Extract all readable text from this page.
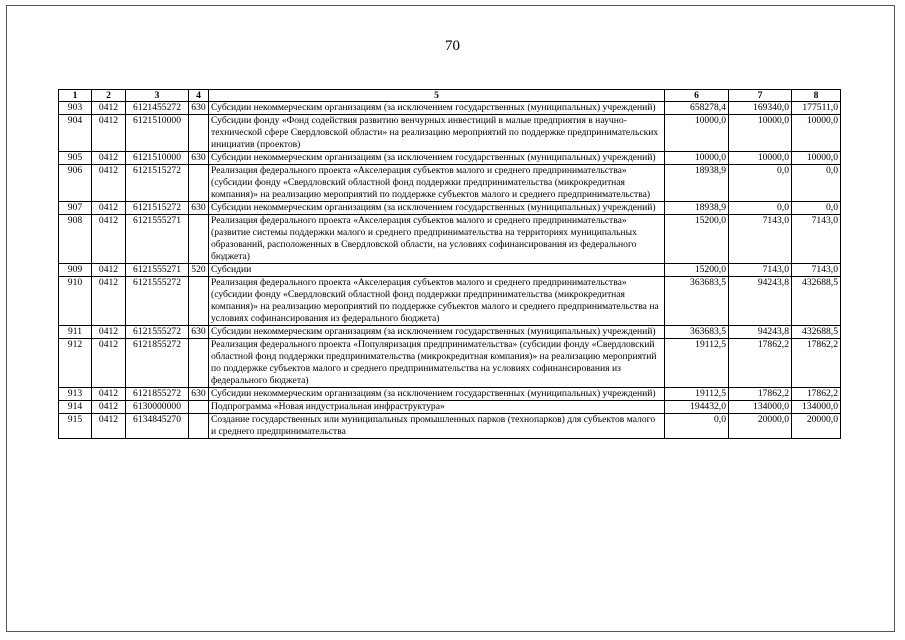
70
1	2	3	4	5	6	7	8
903	0412	6121455272	630	Субсидии некоммерческим организациям (за исключением государственных (муниципальных) учреждений)	658278,4	169340,0	177511,0
904	0412	6121510000		Субсидии фонду «Фонд содействия развитию венчурных инвестиций в малые предприятия в научно-технической сфере Свердловской области» на реализацию мероприятий по поддержке предпринимательских инициатив (проектов)	10000,0	10000,0	10000,0
905	0412	6121510000	630	Субсидии некоммерческим организациям (за исключением государственных (муниципальных) учреждений)	10000,0	10000,0	10000,0
906	0412	6121515272		Реализация федерального проекта «Акселерация субъектов малого и среднего предпринимательства» (субсидии фонду «Свердловский областной фонд поддержки предпринимательства (микрокредитная компания)» на реализацию мероприятий по поддержке субъектов малого и среднего предпринимательства)	18938,9	0,0	0,0
907	0412	6121515272	630	Субсидии некоммерческим организациям (за исключением государственных (муниципальных) учреждений)	18938,9	0,0	0,0
908	0412	6121555271		Реализация федерального проекта «Акселерация субъектов малого и среднего предпринимательства» (развитие системы поддержки малого и среднего предпринимательства на территориях муниципальных образований, расположенных в Свердловской области, на условиях софинансирования из федерального бюджета)	15200,0	7143,0	7143,0
909	0412	6121555271	520	Субсидии	15200,0	7143,0	7143,0
910	0412	6121555272		Реализация федерального проекта «Акселерация субъектов малого и среднего предпринимательства» (субсидии фонду «Свердловский областной фонд поддержки предпринимательства (микрокредитная компания)» на реализацию мероприятий по поддержке субъектов малого и среднего предпринимательства на условиях софинансирования из федерального бюджета)	363683,5	94243,8	432688,5
911	0412	6121555272	630	Субсидии некоммерческим организациям (за исключением государственных (муниципальных) учреждений)	363683,5	94243,8	432688,5
912	0412	6121855272		Реализация федерального проекта «Популяризация предпринимательства» (субсидии фонду «Свердловский областной фонд поддержки предпринимательства (микрокредитная компания)» на реализацию мероприятий по поддержке субъектов малого и среднего предпринимательства на условиях софинансирования из федерального бюджета)	19112,5	17862,2	17862,2
913	0412	6121855272	630	Субсидии некоммерческим организациям (за исключением государственных (муниципальных) учреждений)	19112,5	17862,2	17862,2
914	0412	6130000000		Подпрограмма «Новая индустриальная инфраструктура»	194432,0	134000,0	134000,0
915	0412	6134845270		Создание государственных или муниципальных промышленных парков (технопарков) для субъектов малого и среднего предпринимательства	0,0	20000,0	20000,0
